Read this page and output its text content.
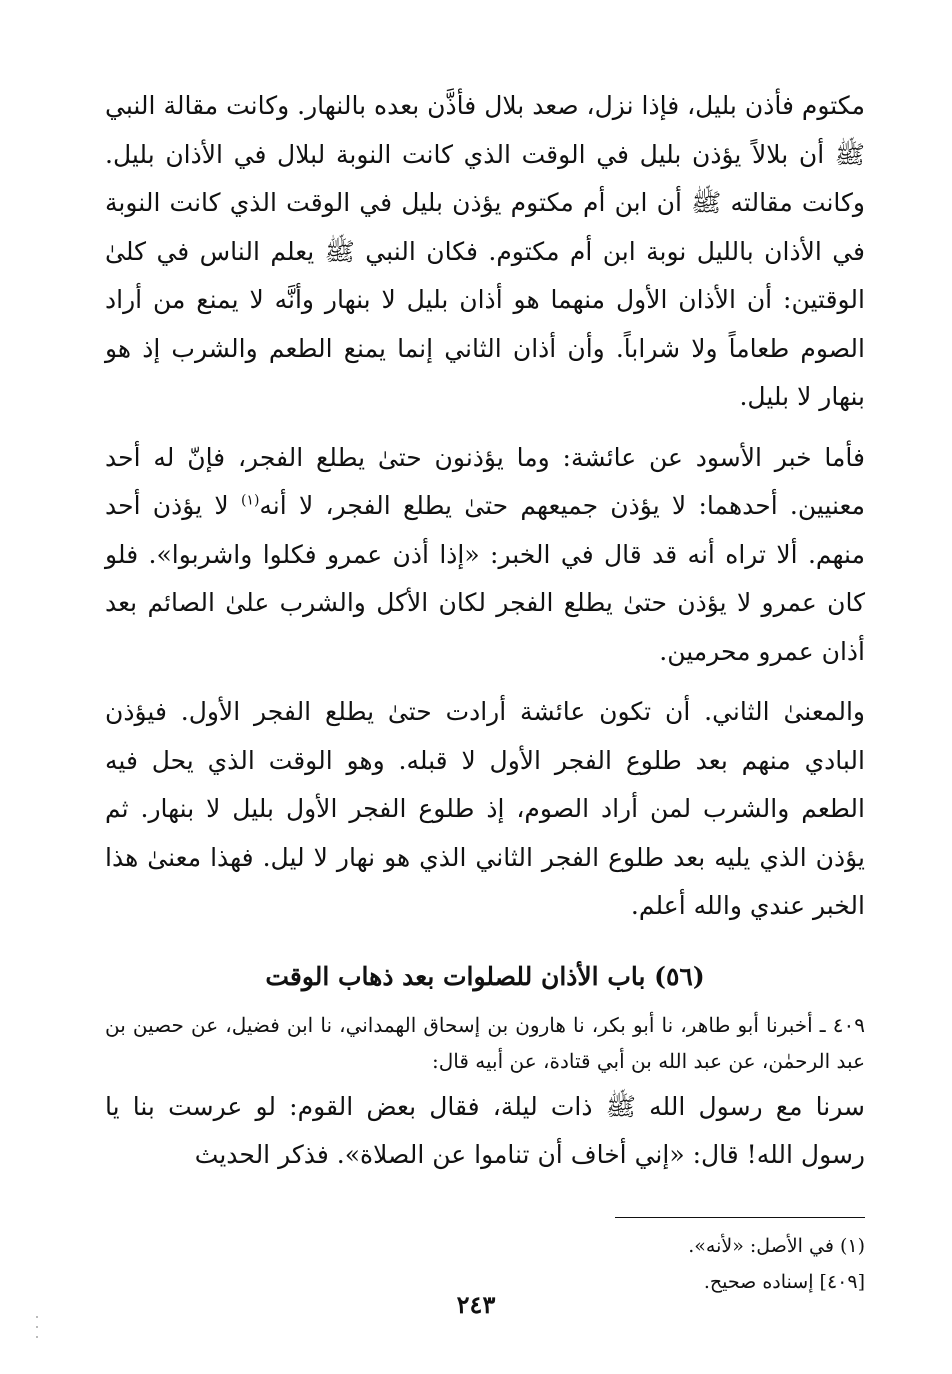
مكتوم فأذن بليل، فإذا نزل، صعد بلال فأذَّن بعده بالنهار. وكانت مقالة النبي ﷺ أن بلالاً يؤذن بليل في الوقت الذي كانت النوبة لبلال في الأذان بليل. وكانت مقالته ﷺ أن ابن أم مكتوم يؤذن بليل في الوقت الذي كانت النوبة في الأذان بالليل نوبة ابن أم مكتوم. فكان النبي ﷺ يعلم الناس في كلىٰ الوقتين: أن الأذان الأول منهما هو أذان بليل لا بنهار وأنَّه لا يمنع من أراد الصوم طعاماً ولا شراباً. وأن أذان الثاني إنما يمنع الطعم والشرب إذ هو بنهار لا بليل.

فأما خبر الأسود عن عائشة: وما يؤذنون حتىٰ يطلع الفجر، فإنّ له أحد معنيين. أحدهما: لا يؤذن جميعهم حتىٰ يطلع الفجر، لا أنه$^{(١)}$ لا يؤذن أحد منهم. ألا تراه أنه قد قال في الخبر: «إذا أذن عمرو فكلوا واشربوا». فلو كان عمرو لا يؤذن حتىٰ يطلع الفجر لكان الأكل والشرب علىٰ الصائم بعد أذان عمرو محرمين.

والمعنىٰ الثاني. أن تكون عائشة أرادت حتىٰ يطلع الفجر الأول. فيؤذن البادي منهم بعد طلوع الفجر الأول لا قبله. وهو الوقت الذي يحل فيه الطعم والشرب لمن أراد الصوم، إذ طلوع الفجر الأول بليل لا بنهار. ثم يؤذن الذي يليه بعد طلوع الفجر الثاني الذي هو نهار لا ليل. فهذا معنىٰ هذا الخبر عندي والله أعلم.

(٥٦) باب الأذان للصلوات بعد ذهاب الوقت

٤٠٩ ـ أخبرنا أبو طاهر، نا أبو بكر، نا هارون بن إسحاق الهمداني، نا ابن فضيل، عن حصين بن عبد الرحمٰن، عن عبد الله بن أبي قتادة، عن أبيه قال:

سرنا مع رسول الله ﷺ ذات ليلة، فقال بعض القوم: لو عرست بنا يا رسول الله! قال: «إني أخاف أن تناموا عن الصلاة». فذكر الحديث

(١) في الأصل: «لأنه».

[٤٠٩] إسناده صحيح.

٢٤٣
